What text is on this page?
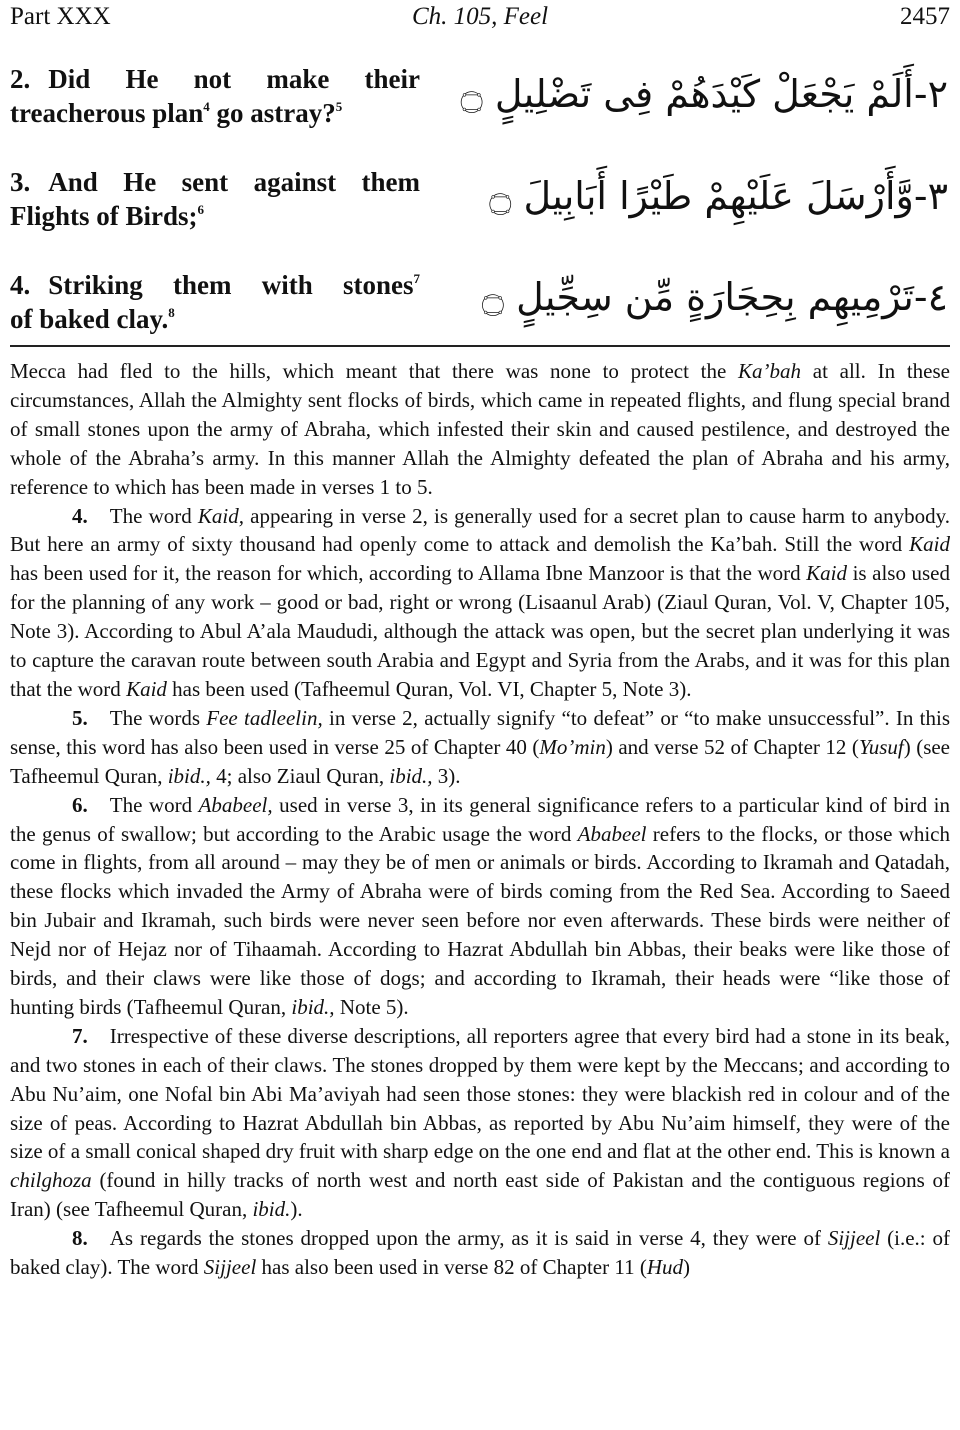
Part XXX	Ch. 105, Feel	2457
2. Did He not make their
treacherous plan$^4$ go astray?$^5$	٢-أَلَمْ يَجْعَلْ كَيْدَهُمْ فِى تَضْلِيلٍ ۝
3. And He sent against them
Flights of Birds;$^6$	٣-وَّأَرْسَلَ عَلَيْهِمْ طَيْرًا أَبَابِيلَ ۝
4. Striking them with stones$^7$
of baked clay.$^8$	٤-تَرْمِيهِم بِحِجَارَةٍ مِّن سِجِّيلٍ ۝

Mecca had fled to the hills, which meant that there was none to protect the Ka’bah at all. In these circumstances, Allah the Almighty sent flocks of birds, which came in repeated flights, and flung special brand of small stones upon the army of Abraha, which infested their skin and caused pestilence, and destroyed the whole of the Abraha’s army. In this manner Allah the Almighty defeated the plan of Abraha and his army, reference to which has been made in verses 1 to 5.

4. The word Kaid, appearing in verse 2, is generally used for a secret plan to cause harm to anybody. But here an army of sixty thousand had openly come to attack and demolish the Ka’bah. Still the word Kaid has been used for it, the reason for which, according to Allama Ibne Manzoor is that the word Kaid is also used for the planning of any work – good or bad, right or wrong (Lisaanul Arab) (Ziaul Quran, Vol. V, Chapter 105, Note 3). According to Abul A’ala Maududi, although the attack was open, but the secret plan underlying it was to capture the caravan route between south Arabia and Egypt and Syria from the Arabs, and it was for this plan that the word Kaid has been used (Tafheemul Quran, Vol. VI, Chapter 5, Note 3).

5. The words Fee tadleelin, in verse 2, actually signify “to defeat” or “to make unsuccessful”. In this sense, this word has also been used in verse 25 of Chapter 40 (Mo’min) and verse 52 of Chapter 12 (Yusuf) (see Tafheemul Quran, ibid., 4; also Ziaul Quran, ibid., 3).

6. The word Ababeel, used in verse 3, in its general significance refers to a particular kind of bird in the genus of swallow; but according to the Arabic usage the word Ababeel refers to the flocks, or those which come in flights, from all around – may they be of men or animals or birds. According to Ikramah and Qatadah, these flocks which invaded the Army of Abraha were of birds coming from the Red Sea. According to Saeed bin Jubair and Ikramah, such birds were never seen before nor even afterwards. These birds were neither of Nejd nor of Hejaz nor of Tihaamah. According to Hazrat Abdullah bin Abbas, their beaks were like those of birds, and their claws were like those of dogs; and according to Ikramah, their heads were “like those of hunting birds (Tafheemul Quran, ibid., Note 5).

7. Irrespective of these diverse descriptions, all reporters agree that every bird had a stone in its beak, and two stones in each of their claws. The stones dropped by them were kept by the Meccans; and according to Abu Nu’aim, one Nofal bin Abi Ma’aviyah had seen those stones: they were blackish red in colour and of the size of peas. According to Hazrat Abdullah bin Abbas, as reported by Abu Nu’aim himself, they were of the size of a small conical shaped dry fruit with sharp edge on the one end and flat at the other end. This is known a chilghoza (found in hilly tracks of north west and north east side of Pakistan and the contiguous regions of Iran) (see Tafheemul Quran, ibid.).

8. As regards the stones dropped upon the army, as it is said in verse 4, they were of Sijjeel (i.e.: of baked clay). The word Sijjeel has also been used in verse 82 of Chapter 11 (Hud)
